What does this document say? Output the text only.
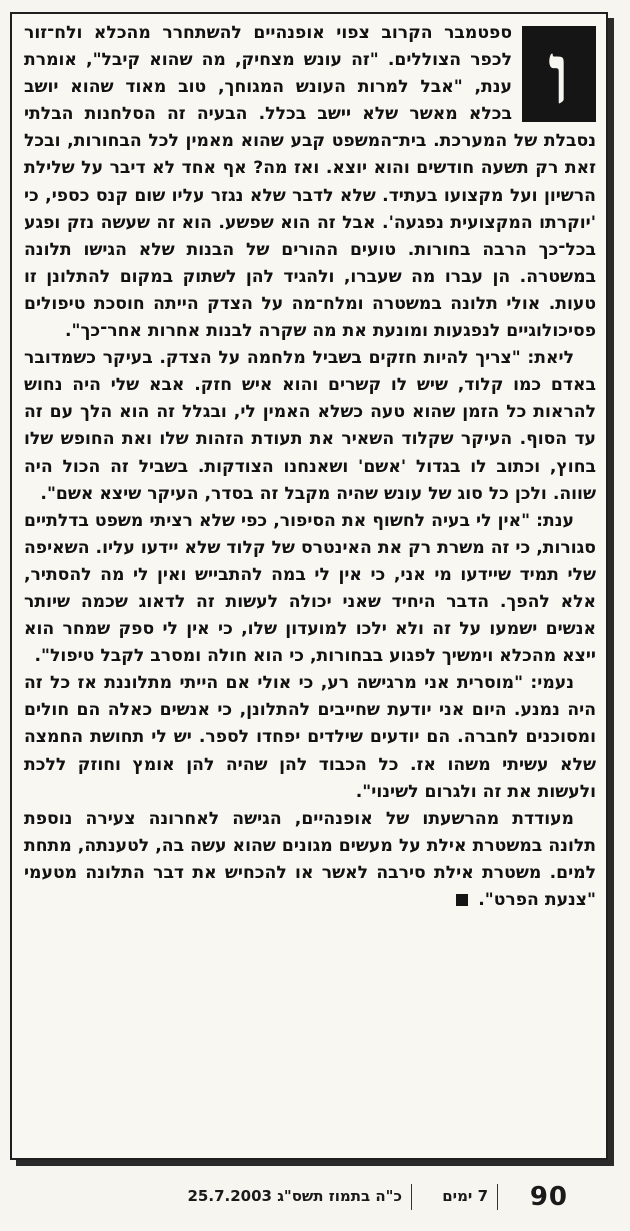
ו

ספטמבר הקרוב צפוי אופנהיים להשתחרר מהכלא ולח־זור לכפר הצוללים. "זה עונש מצחיק, מה שהוא קיבל", אומרת ענת, "אבל למרות העונש המגוחך, טוב מאוד שהוא יושב בכלא מאשר שלא יישב בכלל. הבעיה זה הסלחנות הבלתי נסבלת של המערכת. בית־המשפט קבע שהוא מאמין לכל הבחורות, ובכל זאת רק תשעה חודשים והוא יוצא. ואז מה? אף אחד לא דיבר על שלילת הרשיון ועל מקצועו בעתיד. שלא לדבר שלא נגזר עליו שום קנס כספי, כי 'יוקרתו המקצועית נפגעה'. אבל זה הוא שפשע. הוא זה שעשה נזק ופגע בכל־כך הרבה בחורות. טועים ההורים של הבנות שלא הגישו תלונה במשטרה. הן עברו מה שעברו, ולהגיד להן לשתוק במקום להתלונן זו טעות. אולי תלונה במשטרה ומלח־מה על הצדק הייתה חוסכת טיפולים פסיכולוגיים לנפגעות ומונעת את מה שקרה לבנות אחרות אחר־כך".

ליאת: "צריך להיות חזקים בשביל מלחמה על הצדק. בעיקר כשמדובר באדם כמו קלוד, שיש לו קשרים והוא איש חזק. אבא שלי היה נחוש להראות כל הזמן שהוא טעה כשלא האמין לי, ובגלל זה הוא הלך עם זה עד הסוף. העיקר שקלוד השאיר את תעודת הזהות שלו ואת החופש שלו בחוץ, וכתוב לו בגדול 'אשם' ושאנחנו הצודקות. בשביל זה הכול היה שווה. ולכן כל סוג של עונש שהיה מקבל זה בסדר, העיקר שיצא אשם".

ענת: "אין לי בעיה לחשוף את הסיפור, כפי שלא רציתי משפט בדלתיים סגורות, כי זה משרת רק את האינטרס של קלוד שלא יידעו עליו. השאיפה שלי תמיד שיידעו מי אני, כי אין לי במה להתבייש ואין לי מה להסתיר, אלא להפך. הדבר היחיד שאני יכולה לעשות זה לדאוג שכמה שיותר אנשים ישמעו על זה ולא ילכו למועדון שלו, כי אין לי ספק שמחר הוא ייצא מהכלא וימשיך לפגוע בבחורות, כי הוא חולה ומסרב לקבל טיפול".

נעמי: "מוסרית אני מרגישה רע, כי אולי אם הייתי מתלוננת אז כל זה היה נמנע. היום אני יודעת שחייבים להתלונן, כי אנשים כאלה הם חולים ומסוכנים לחברה. הם יודעים שילדים יפחדו לספר. יש לי תחושת החמצה שלא עשיתי משהו אז. כל הכבוד להן שהיה להן אומץ וחוזק ללכת ולעשות את זה ולגרום לשינוי".

מעודדת מהרשעתו של אופנהיים, הגישה לאחרונה צעירה נוספת תלונה במשטרת אילת על מעשים מגונים שהוא עשה בה, לטענתה, מתחת למים. משטרת אילת סירבה לאשר או להכחיש את דבר התלונה מטעמי "צנעת הפרט".

90
7 ימים
כ"ה בתמוז תשס"ג 25.7.2003
